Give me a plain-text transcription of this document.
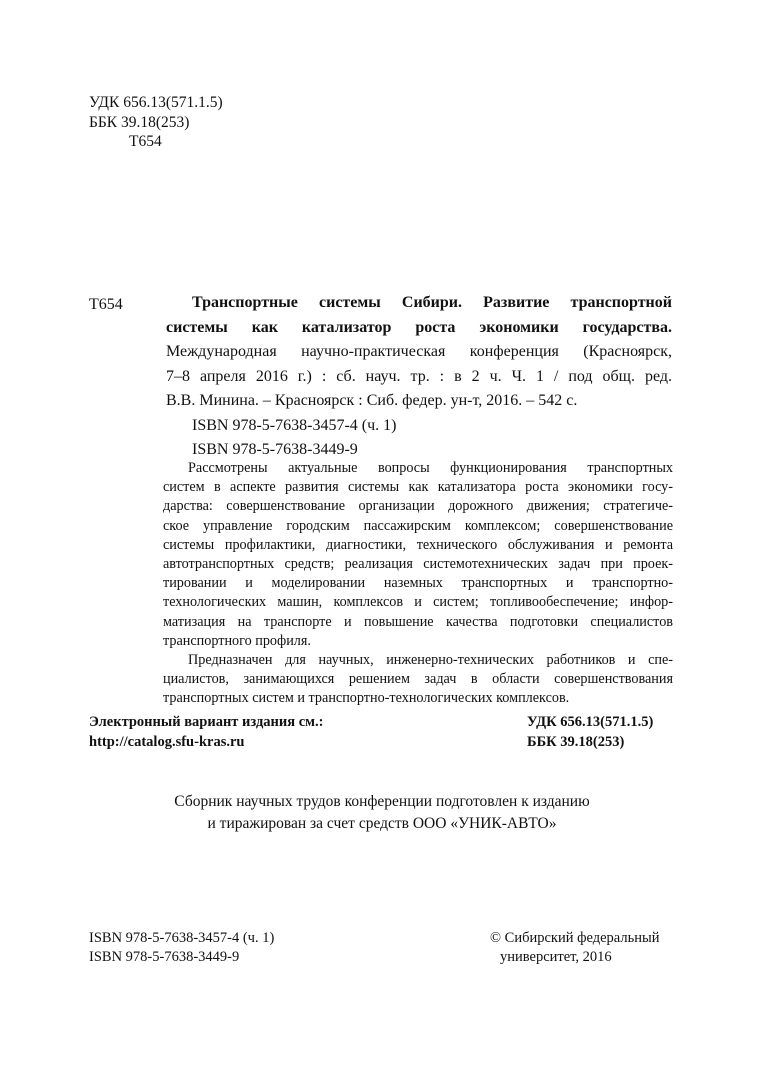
УДК 656.13(571.1.5)
ББК 39.18(253)
Т654
Т654	Транспортные системы Сибири. Развитие транспортной
системы как катализатор роста экономики государства.
Международная научно-практическая конференция (Красноярск,
7–8 апреля 2016 г.) : сб. науч. тр. : в 2 ч. Ч. 1 / под общ. ред.
В.В. Минина. – Красноярск : Сиб. федер. ун-т, 2016. – 542 с.
ISBN 978-5-7638-3457-4 (ч. 1)
ISBN 978-5-7638-3449-9

Рассмотрены актуальные вопросы функционирования транспортных
систем в аспекте развития системы как катализатора роста экономики госу-
дарства: совершенствование организации дорожного движения; стратегиче-
ское управление городским пассажирским комплексом; совершенствование
системы профилактики, диагностики, технического обслуживания и ремонта
автотранспортных средств; реализация системотехнических задач при проек-
тировании и моделировании наземных транспортных и транспортно-
технологических машин, комплексов и систем; топливообеспечение; инфор-
матизация на транспорте и повышение качества подготовки специалистов
транспортного профиля.

Предназначен для научных, инженерно-технических работников и спе-
циалистов, занимающихся решением задач в области совершенствования
транспортных систем и транспортно-технологических комплексов.

Электронный вариант издания см.:
http://catalog.sfu-kras.ru
УДК 656.13(571.1.5)
ББК 39.18(253)
Сборник научных трудов конференции подготовлен к изданию
и тиражирован за счет средств ООО «УНИК-АВТО»
ISBN 978-5-7638-3457-4 (ч. 1)
ISBN 978-5-7638-3449-9
© Сибирский федеральный
университет, 2016
